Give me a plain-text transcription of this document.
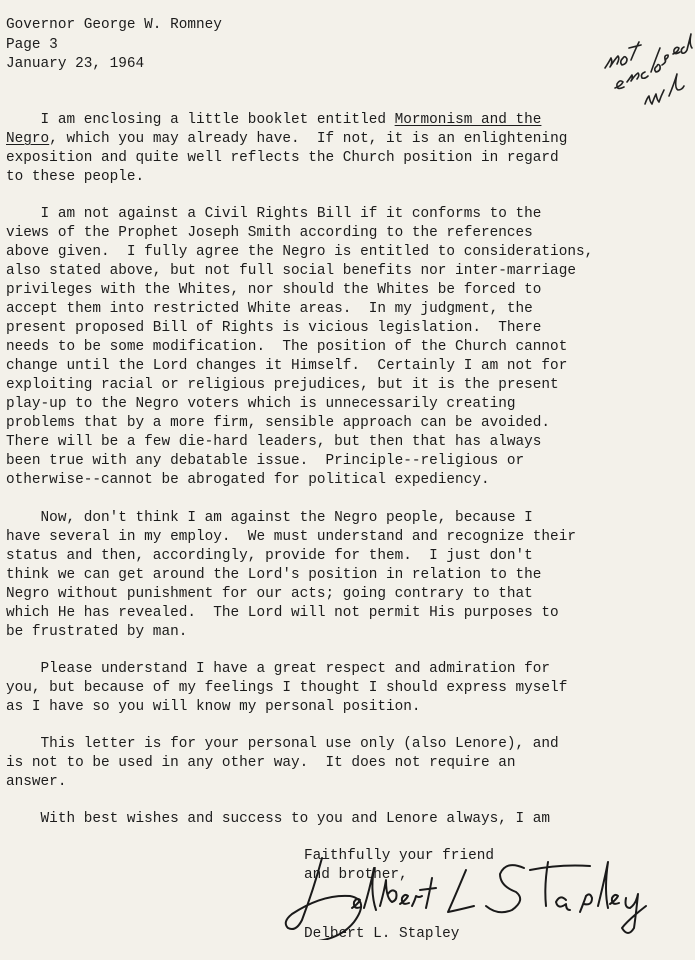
Governor George W. Romney
Page 3
January 23, 1964
not enclosed wd
I am enclosing a little booklet entitled Mormonism and the
Negro, which you may already have.  If not, it is an enlightening
exposition and quite well reflects the Church position in regard
to these people.
I am not against a Civil Rights Bill if it conforms to the
views of the Prophet Joseph Smith according to the references
above given.  I fully agree the Negro is entitled to considerations,
also stated above, but not full social benefits nor inter-marriage
privileges with the Whites, nor should the Whites be forced to
accept them into restricted White areas.  In my judgment, the
present proposed Bill of Rights is vicious legislation.  There
needs to be some modification.  The position of the Church cannot
change until the Lord changes it Himself.  Certainly I am not for
exploiting racial or religious prejudices, but it is the present
play-up to the Negro voters which is unnecessarily creating
problems that by a more firm, sensible approach can be avoided.
There will be a few die-hard leaders, but then that has always
been true with any debatable issue.  Principle--religious or
otherwise--cannot be abrogated for political expediency.
Now, don't think I am against the Negro people, because I
have several in my employ.  We must understand and recognize their
status and then, accordingly, provide for them.  I just don't
think we can get around the Lord's position in relation to the
Negro without punishment for our acts; going contrary to that
which He has revealed.  The Lord will not permit His purposes to
be frustrated by man.
Please understand I have a great respect and admiration for
you, but because of my feelings I thought I should express myself
as I have so you will know my personal position.
This letter is for your personal use only (also Lenore), and
is not to be used in any other way.  It does not require an
answer.
With best wishes and success to you and Lenore always, I am
Faithfully your friend
and brother,
Delbert L. Stapley
Delbert L. Stapley
